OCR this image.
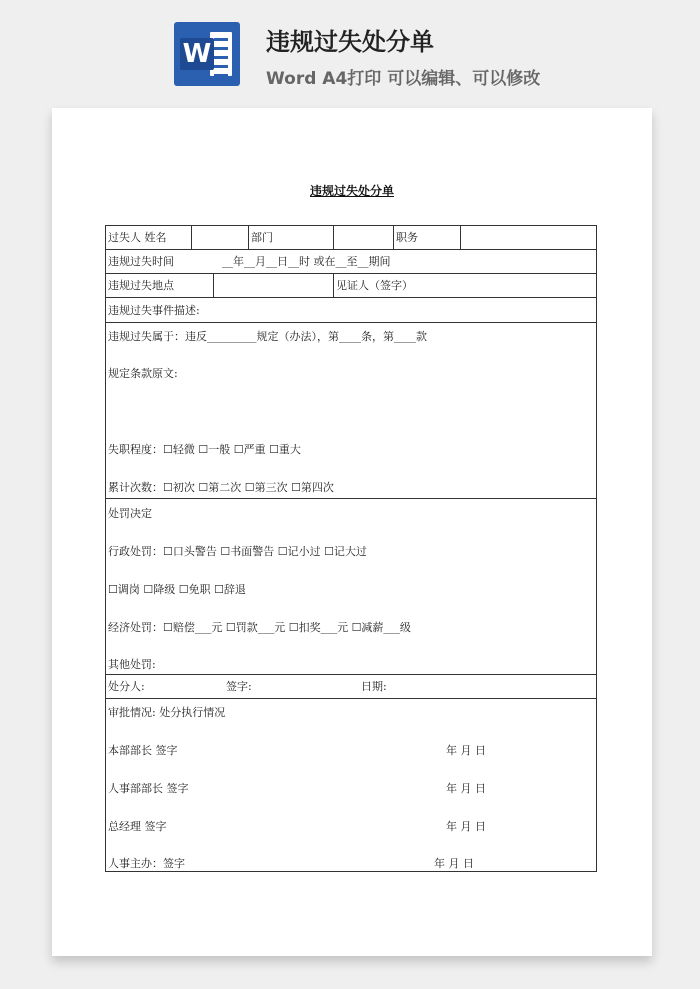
W 违规过失处分单
Word A4打印 可以编辑、可以修改
违规过失处分单
过失人 姓名	部门	职务
违规过失时间	__年__月__日__时 或在__至__期间
违规过失地点	见证人（签字）
违规过失事件描述:
违规过失属于：违反_________规定（办法），第____条，第____款
规定条款原文:
失职程度：☐轻微 ☐一般 ☐严重 ☐重大
累计次数：☐初次 ☐第二次 ☐第三次 ☐第四次
处罚决定
行政处罚：☐口头警告 ☐书面警告 ☐记小过 ☐记大过
☐调岗 ☐降级 ☐免职 ☐辞退
经济处罚：☐赔偿___元 ☐罚款___元 ☐扣奖___元 ☐减薪___级
其他处罚:
处分人:	签字:	日期:
审批情况: 处分执行情况
本部部长 签字	年 月 日
人事部部长 签字	年 月 日
总经理 签字	年 月 日
人事主办：签字	年 月 日
